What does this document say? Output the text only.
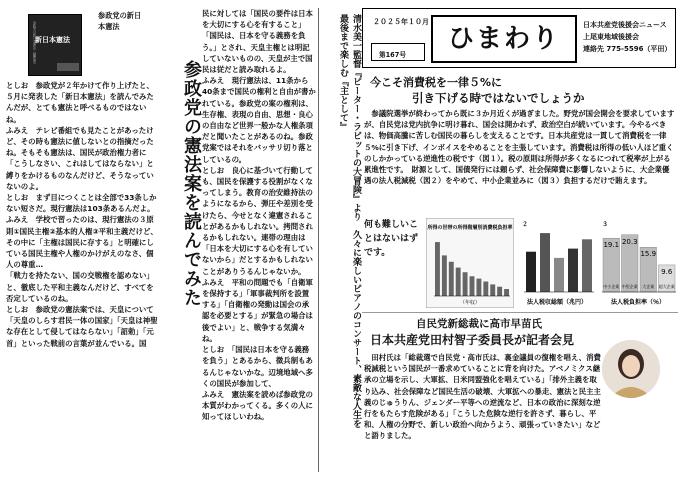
参政党の新日本憲法（構想案） 新日本憲法
参政党の新日本憲法

としお　参政党が２年かけて作り上げたと、５月に発表した「新日本憲法」を読んでみたんだが、とても憲法と呼べるものではないね。

ふみえ　テレビ番組でも見たことがあったけど、その時も憲法に値しないとの指摘だったね。そもそも憲法は、国民が政治権力者に「こうしなさい、これはしてはならない」と縛りをかけるものなんだけど、そうなっていないのよ。

としお　まず目につくことは全部で33条しかない短さだ。現行憲法は103条あるんだよ。

ふみえ　学校で習ったのは、現行憲法の３原則①国民主権②基本的人権③平和主義だけど、その中に「主権は国民に存する」と明確にしている国民主権や人権のかけがえのなさ、個人の尊重…

「戦力を持たない、国の交戦権を認めない」と、徹底した平和主義なんだけど、すべてを否定しているのね。

としお　参政党の憲法案では、天皇について「天皇のしらす君民一体の国家」「天皇は神聖な存在として侵してはならない」「詔勅」「元首」といった戦前の言葉が並んでいる。国

参政党の憲法案を読んでみた

民に対しては「国民の要件は日本を大切にする心を有すること」「国民は、日本を守る義務を負う。」とされ、天皇主権とは明記していないものの、天皇が主で国民は従だと読み取れるよ。

ふみえ　現行憲法は、11条から40条まで国民の権利と自由が書かれている。参政党の案の権利は、生存権、表現の自由、思想・良心の自由など世界一般かな人権条項だと聞いたことがあるのね。参政党案ではそれをバッサリ切り落としているの。

としお　良心に基づいて行動しても、国民を保護する役割がなくなってしまう。教育の治安維持法のようになるから、弾圧や差別を受けたら、今せとなく違憲されることがあるかもしれない。拷問されるかもしれない。連帯の理由は「日本を大切にする心を有していないから」だとするかもしれないことがありうるんじゃないか。

ふみえ　平和の問題でも「自衛軍を保持する」「軍事裁判所を設置する」「自衛権の発動は国会の承認を必要とする」が緊急の場合は後でよい」と、戦争する気満々ね。

としお　「国民は日本を守る義務を負う」とあるから、徴兵制もあるんじゃないかな。辺境地域へ多くの国民が参加して、

ふみえ　憲法案を読めば参政党の本質がわかってくる。多くの人に知ってほしいわね。	清水美一監督『ピーター・ラビットの大冒険』より　久々に楽しいピアノのコンサート、素敵な人生を最後まで楽しむ『主として』	２０２５年１０月
第167号
ひまわり	日本共産党後援会ニュース
上尾東地域後援会
連絡先 775-5596（平田）
今こそ消費税を一律５%に
引き下げる時ではないでしょうか
　参議院選挙が終わってから既に３か月近くが過ぎました。野党が国会開会を要求していますが、自民党は党内抗争に明け暮れ、国会は開かれず、政治空白が続いています。今やるべきは、物価高騰に苦しむ国民の暮らしを支えることです。日本共産党は一貫して消費税を一律５%に引き下げ、インボイスをやめることを主張しています。消費税は所得の低い人ほど重くのしかかっている逆進性の税です（図１）。税の原則は所得が多くなるにつれて税率が上がる累進性です。　財源として、国債発行には頼らず、社会保障費に影響しないように、大企業優遇の法人税減税（図２）をやめて、中小企業並みに（図３）負担するだけで賄えます。
何も難しいことはないはずです。
所得の世帯の所得階層別消費税負担率
（年収）
２
法人税収総額（兆円）
３
19.1
中小企業
20.3
中堅企業
15.9
大企業
9.6
超大企業
法人税負担率（％）
自民党新総裁に高市早苗氏
日本共産党田村智子委員長が記者会見
　田村氏は「総裁選で自民党・高市氏は、裏金議員の復権を唱え、消費税減税という国民が一番求めていることに背を向けた。アベノミクス継承の立場を示し、大軍拡、日米同盟強化を唱えている」「排外主義を取り込み、社会保障など国民生活の破壊、大軍拡への暴走、憲法と民主主義のじゅうりん、ジェンダー平等への逆流など、日本の政治に深刻な逆行をもたらす危険がある」「こうした危険な逆行を許さず、暮らし、平和、人権の分野で、新しい政治へ向かうよう、頑張っていきたい」などと語りました。
